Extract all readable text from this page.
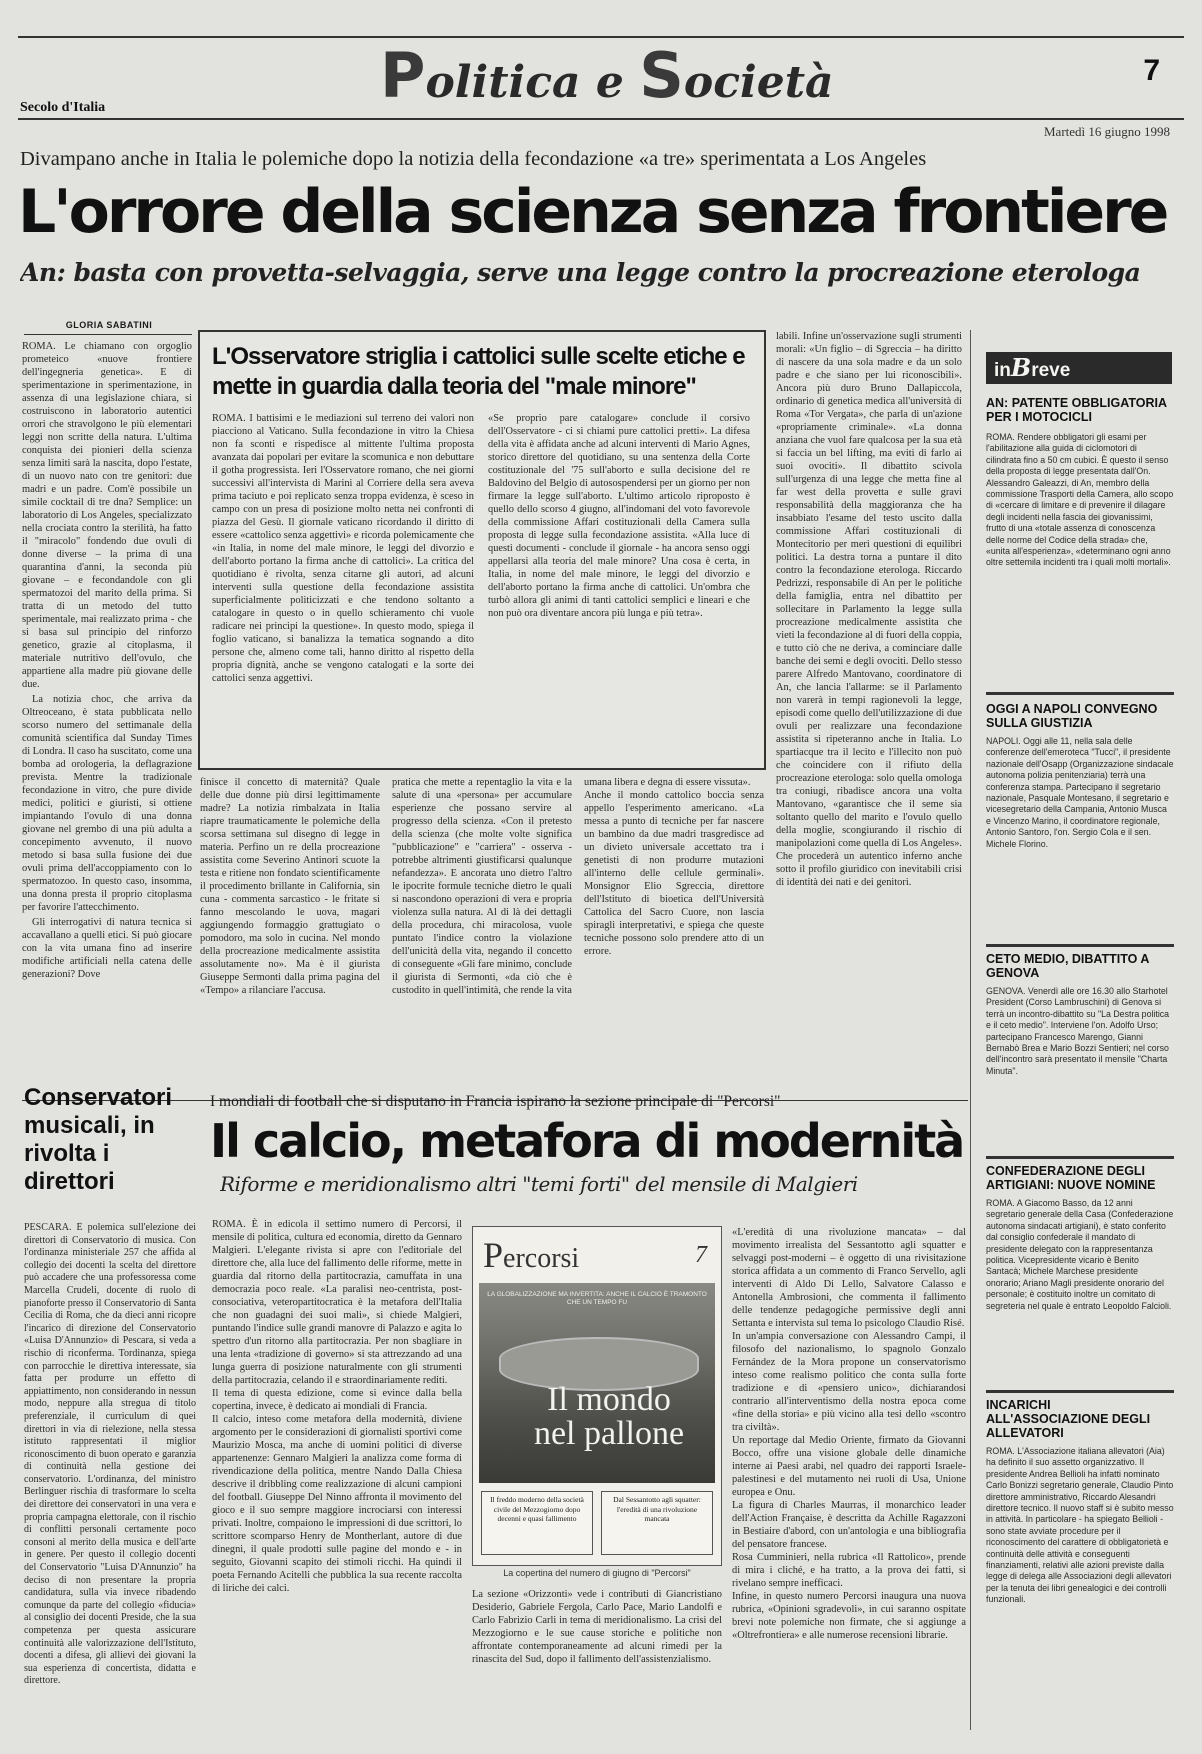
Politica e Società	7
Secolo d'Italia
Martedì 16 giugno 1998
Divampano anche in Italia le polemiche dopo la notizia della fecondazione «a tre» sperimentata a Los Angeles
L'orrore della scienza senza frontiere
An: basta con provetta-selvaggia, serve una legge contro la procreazione eterologa
GLORIA SABATINI

ROMA. Le chiamano con orgoglio prometeico «nuove frontiere dell'ingegneria genetica». E di sperimentazione in sperimentazione, in assenza di una legislazione chiara, si costruiscono in laboratorio autentici orrori che stravolgono le più elementari leggi non scritte della natura. L'ultima conquista dei pionieri della scienza senza limiti sarà la nascita, dopo l'estate, di un nuovo nato con tre genitori: due madri e un padre. Com'è possibile un simile cocktail di tre dna? Semplice: un laboratorio di Los Angeles, specializzato nella crociata contro la sterilità, ha fatto il "miracolo" fondendo due ovuli di donne diverse – la prima di una quarantina d'anni, la seconda più giovane – e fecondandole con gli spermatozoi del marito della prima. Si tratta di un metodo del tutto sperimentale, mai realizzato prima - che si basa sul principio del rinforzo genetico, grazie al citoplasma, il materiale nutritivo dell'ovulo, che appartiene alla madre più giovane delle due.

La notizia choc, che arriva da Oltreoceano, è stata pubblicata nello scorso numero del settimanale della comunità scientifica dal Sunday Times di Londra. Il caso ha suscitato, come una bomba ad orologeria, la deflagrazione prevista. Mentre la tradizionale fecondazione in vitro, che pure divide medici, politici e giuristi, si ottiene impiantando l'ovulo di una donna giovane nel grembo di una più adulta a concepimento avvenuto, il nuovo metodo si basa sulla fusione dei due ovuli prima dell'accoppiamento con lo spermatozoo. In questo caso, insomma, una donna presta il proprio citoplasma per favorire l'attecchimento.

Gli interrogativi di natura tecnica si accavallano a quelli etici. Si può giocare con la vita umana fino ad inserire modifiche artificiali nella catena delle generazioni? Dove

L'Osservatore striglia i cattolici sulle scelte etiche e mette in guardia dalla teoria del "male minore"
ROMA. I battisimi e le mediazioni sul terreno dei valori non piacciono al Vaticano. Sulla fecondazione in vitro la Chiesa non fa sconti e rispedisce al mittente l'ultima proposta avanzata dai popolari per evitare la scomunica e non debuttare il gotha progressista. Ieri l'Osservatore romano, che nei giorni successivi all'intervista di Marini al Corriere della sera aveva prima taciuto e poi replicato senza troppa evidenza, è sceso in campo con un presa di posizione molto netta nei confronti di piazza del Gesù. Il giornale vaticano ricordando il diritto di essere «cattolico senza aggettivi» e ricorda polemicamente che «in Italia, in nome del male minore, le leggi del divorzio e dell'aborto portano la firma anche di cattolici». La critica del quotidiano è rivolta, senza citarne gli autori, ad alcuni interventi sulla questione della fecondazione assistita superficialmente politicizzati e che tendono soltanto a catalogare in questo o in quello schieramento chi vuole radicare nei principi la questione». In questo modo, spiega il foglio vaticano, si banalizza la tematica sognando a dito persone che, almeno come tali, hanno diritto al rispetto della propria dignità, anche se vengono catalogati e la sorte dei cattolici senza aggettivi.
«Se proprio pare catalogare» conclude il corsivo dell'Osservatore - ci si chiami pure cattolici pretti». La difesa della vita è affidata anche ad alcuni interventi di Mario Agnes, storico direttore del quotidiano, su una sentenza della Corte costituzionale del '75 sull'aborto e sulla decisione del re Baldovino del Belgio di autosospendersi per un giorno per non firmare la legge sull'aborto. L'ultimo articolo riproposto è quello dello scorso 4 giugno, all'indomani del voto favorevole della commissione Affari costituzionali della Camera sulla proposta di legge sulla fecondazione assistita. «Alla luce di questi documenti - conclude il giornale - ha ancora senso oggi appellarsi alla teoria del male minore? Una cosa è certa, in Italia, in nome del male minore, le leggi del divorzio e dell'aborto portano la firma anche di cattolici. Un'ombra che turbò allora gli animi di tanti cattolici semplici e lineari e che non può ora diventare ancora più lunga e più tetra».
labili. Infine un'osservazione sugli strumenti morali: «Un figlio – di Sgreccia – ha diritto di nascere da una sola madre e da un solo padre e che siano per lui riconoscibili». Ancora più duro Bruno Dallapiccola, ordinario di genetica medica all'università di Roma «Tor Vergata», che parla di un'azione «propriamente criminale». «La donna anziana che vuol fare qualcosa per la sua età si faccia un bel lifting, ma eviti di farlo ai suoi ovociti». Il dibattito scivola sull'urgenza di una legge che metta fine al far west della provetta e sulle gravi responsabilità della maggioranza che ha insabbiato l'esame del testo uscito dalla commissione Affari costituzionali di Montecitorio per meri questioni di equilibri politici. La destra torna a puntare il dito contro la fecondazione eterologa. Riccardo Pedrizzi, responsabile di An per le politiche della famiglia, entra nel dibattito per sollecitare in Parlamento la legge sulla procreazione medicalmente assistita che vieti la fecondazione al di fuori della coppia, e tutto ciò che ne deriva, a cominciare dalle banche dei semi e degli ovociti. Dello stesso parere Alfredo Mantovano, coordinatore di An, che lancia l'allarme: se il Parlamento non varerà in tempi ragionevoli la legge, episodi come quello dell'utilizzazione di due ovuli per realizzare una fecondazione assistita si ripeteranno anche in Italia. Lo spartiacque tra il lecito e l'illecito non può che coincidere con il rifiuto della procreazione eterologa: solo quella omologa tra coniugi, ribadisce ancora una volta Mantovano, «garantisce che il seme sia soltanto quello del marito e l'ovulo quello della moglie, scongiurando il rischio di manipolazioni come quella di Los Angeles». Che procederà un autentico inferno anche sotto il profilo giuridico con inevitabili crisi di identità dei nati e dei genitori.
finisce il concetto di maternità? Quale delle due donne più dirsi legittimamente madre? La notizia rimbalzata in Italia riapre traumaticamente le polemiche della scorsa settimana sul disegno di legge in materia. Perfino un re della procreazione assistita come Severino Antinori scuote la testa e ritiene non fondato scientificamente il procedimento brillante in California, sin cuna - commenta sarcastico - le fritate si fanno mescolando le uova, magari aggiungendo formaggio grattugiato o pomodoro, ma solo in cucina. Nel mondo della procreazione medicalmente assistita assolutamente no». Ma è il giurista Giuseppe Sermonti dalla prima pagina del «Tempo» a rilanciare l'accusa.
pratica che mette a repentaglio la vita e la salute di una «persona» per accumulare esperienze che possano servire al progresso della scienza. «Con il pretesto della scienza (che molte volte significa "pubblicazione" e "carriera" - osserva - potrebbe altrimenti giustificarsi qualunque nefandezza». E ancorata uno dietro l'altro le ipocrite formule tecniche dietro le quali si nascondono operazioni di vera e propria violenza sulla natura. Al di là dei dettagli della procedura, chi miracolosa, vuole puntato l'indice contro la violazione dell'unicità della vita, negando il concetto di conseguente «Gli fare minimo, conclude il giurista di Sermonti, «da ciò che è custodito in quell'intimità, che rende la vita
umana libera e degna di essere vissuta».
Anche il mondo cattolico boccia senza appello l'esperimento americano. «La messa a punto di tecniche per far nascere un bambino da due madri trasgredisce ad un divieto universale accettato tra i genetisti di non produrre mutazioni all'interno delle cellule germinali». Monsignor Elio Sgreccia, direttore dell'Istituto di bioetica dell'Università Cattolica del Sacro Cuore, non lascia spiragli interpretativi, e spiega che queste tecniche possono solo prendere atto di un errore.
Conservatori musicali, in rivolta i direttori
PESCARA. È polemica sull'elezione dei direttori di Conservatorio di musica. Con l'ordinanza ministeriale 257 che affida al collegio dei docenti la scelta del direttore può accadere che una professoressa come Marcella Crudeli, docente di ruolo di pianoforte presso il Conservatorio di Santa Cecilia di Roma, che da dieci anni ricopre l'incarico di direzione del Conservatorio «Luisa D'Annunzio» di Pescara, si veda a rischio di riconferma. Tordinanza, spiega con parrocchie le direttiva interessate, sia fatta per produrre un effetto di appiattimento, non considerando in nessun modo, neppure alla stregua di titolo preferenziale, il curriculum di quei direttori in via di rielezione, nella stessa istituto rappresentati il miglior riconoscimento di buon operato e garanzia di continuità nella gestione dei conservatorio. L'ordinanza, del ministro Berlinguer rischia di trasformare lo scelta dei direttore dei conservatori in una vera e propria campagna elettorale, con il rischio di conflitti personali certamente poco consoni al merito della musica e dell'arte in genere. Per questo il collegio docenti del Conservatorio "Luisa D'Annunzio" ha deciso di non presentare la propria candidatura, sulla via invece ribadendo comunque da parte del collegio «fiducia» al consiglio dei docenti Preside, che la sua competenza per questa assicurare continuità alle valorizzazione dell'Istituto, docenti a difesa, gli allievi dei giovani la sua esperienza di concertista, didatta e direttore.
I mondiali di football che si disputano in Francia ispirano la sezione principale di "Percorsi"
Il calcio, metafora di modernità
Riforme e meridionalismo altri "temi forti" del mensile di Malgieri
ROMA. È in edicola il settimo numero di Percorsi, il mensile di politica, cultura ed economia, diretto da Gennaro Malgieri. L'elegante rivista si apre con l'editoriale del direttore che, alla luce del fallimento delle riforme, mette in guardia dal ritorno della partitocrazia, camuffata in una democrazia poco reale. «La paralisi neo-centrista, post-consociativa, veteropartitocratica è la metafora dell'Italia che non guadagni dei suoi mali», si chiede Malgieri, puntando l'indice sulle grandi manovre di Palazzo e agita lo spettro d'un ritorno alla partitocrazia. Per non sbagliare in una lenta «tradizione di governo» si sta attrezzando ad una lunga guerra di posizione naturalmente con gli strumenti della partitocrazia, celando il e straordinariamente rediti.
Il tema di questa edizione, come si evince dalla bella copertina, invece, è dedicato ai mondiali di Francia.
Il calcio, inteso come metafora della modernità, diviene argomento per le considerazioni di giornalisti sportivi come Maurizio Mosca, ma anche di uomini politici di diverse appartenenze: Gennaro Malgieri la analizza come forma di rivendicazione della politica, mentre Nando Dalla Chiesa descrive il dribbling come realizzazione di alcuni campioni del football. Giuseppe Del Ninno affronta il movimento del gioco e il suo sempre maggiore incrociarsi con interessi privati. Inoltre, compaiono le impressioni di due scrittori, lo scrittore scomparso Henry de Montherlant, autore di due dinegni, il quale prodotti sulle pagine del mondo e - in seguito, Giovanni scapito dei stimoli ricchi. Ha quindi il poeta Fernando Acitelli che pubblica la sua recente raccolta di liriche dei calci.
Percorsi	7
LA GLOBALIZZAZIONE MA INVERTITA: ANCHE IL CALCIO È TRAMONTO CHE UN TEMPO FU
Il mondo
nel pallone
Il freddo moderno della società civile del Mezzogiorno dopo decenni e quasi fallimento
Dal Sessantotto agli squatter: l'eredità di una rivoluzione mancata
La copertina del numero di giugno di "Percorsi"
La sezione «Orizzonti» vede i contributi di Giancristiano Desiderio, Gabriele Fergola, Carlo Pace, Mario Landolfi e Carlo Fabrizio Carli in tema di meridionalismo. La crisi del Mezzogiorno e le sue cause storiche e politiche non affrontate contemporaneamente ad alcuni rimedi per la rinascita del Sud, dopo il fallimento dell'assistenzialismo.
«L'eredità di una rivoluzione mancata» – dal movimento irrealista del Sessantotto agli squatter e selvaggi post-moderni – è oggetto di una rivisitazione storica affidata a un commento di Franco Servello, agli interventi di Aldo Di Lello, Salvatore Calasso e Antonella Ambrosioni, che commenta il fallimento delle tendenze pedagogiche permissive degli anni Settanta e intervista sul tema lo psicologo Claudio Risé.
In un'ampia conversazione con Alessandro Campi, il filosofo del nazionalismo, lo spagnolo Gonzalo Fernández de la Mora propone un conservatorismo inteso come realismo politico che conta sulla forte tradizione e di «pensiero unico», dichiarandosi contrario all'interventismo della nostra epoca come «fine della storia» e più vicino alla tesi dello «scontro tra civiltà».
Un reportage dal Medio Oriente, firmato da Giovanni Bocco, offre una visione globale delle dinamiche interne ai Paesi arabi, nel quadro dei rapporti Israele-palestinesi e del mutamento nei ruoli di Usa, Unione europea e Onu.
La figura di Charles Maurras, il monarchico leader dell'Action Française, è descritta da Achille Ragazzoni in Bestiaire d'abord, con un'antologia e una bibliografia del pensatore francese.
Rosa Cumminieri, nella rubrica «Il Rattolico», prende di mira i cliché, e ha tratto, a la prova dei fatti, si rivelano sempre inefficaci.
Infine, in questo numero Percorsi inaugura una nuova rubrica, «Opinioni sgradevoli», in cui saranno ospitate brevi note polemiche non firmate, che si aggiunge a «Oltrefrontiera» e alle numerose recensioni librarie.
inBreve
AN: PATENTE OBBLIGATORIA PER I MOTOCICLI
ROMA. Rendere obbligatori gli esami per l'abilitazione alla guida di ciclomotori di cilindrata fino a 50 cm cubici. È questo il senso della proposta di legge presentata dall'On. Alessandro Galeazzi, di An, membro della commissione Trasporti della Camera, allo scopo di «cercare di limitare e di prevenire il dilagare degli incidenti nella fascia dei giovanissimi, frutto di una «totale assenza di conoscenza delle norme del Codice della strada» che, «unita all'esperienza», «determinano ogni anno oltre settemila incidenti tra i quali molti mortali».
OGGI A NAPOLI CONVEGNO SULLA GIUSTIZIA
NAPOLI. Oggi alle 11, nella sala delle conferenze dell'emeroteca "Tucci", il presidente nazionale dell'Osapp (Organizzazione sindacale autonoma polizia penitenziaria) terrà una conferenza stampa. Partecipano il segretario nazionale, Pasquale Montesano, il segretario e vicesegretario della Campania, Antonio Musca e Vincenzo Marino, il coordinatore regionale, Antonio Santoro, l'on. Sergio Cola e il sen. Michele Florino.
CETO MEDIO, DIBATTITO A GENOVA
GENOVA. Venerdì alle ore 16.30 allo Starhotel President (Corso Lambruschini) di Genova si terrà un incontro-dibattito su "La Destra politica e il ceto medio". Interviene l'on. Adolfo Urso; partecipano Francesco Marengo, Gianni Bernabò Brea e Mario Bozzi Sentieri; nel corso dell'incontro sarà presentato il mensile "Charta Minuta".
CONFEDERAZIONE DEGLI ARTIGIANI: NUOVE NOMINE
ROMA. A Giacomo Basso, da 12 anni segretario generale della Casa (Confederazione autonoma sindacati artigiani), è stato conferito dal consiglio confederale il mandato di presidente delegato con la rappresentanza politica. Vicepresidente vicario è Benito Santacà; Michele Marchese presidente onorario; Ariano Magli presidente onorario del personale; è costituito inoltre un comitato di segreteria nel quale è entrato Leopoldo Falcioli.
INCARICHI ALL'ASSOCIAZIONE DEGLI ALLEVATORI
ROMA. L'Associazione italiana allevatori (Aia) ha definito il suo assetto organizzativo. Il presidente Andrea Bellioli ha infatti nominato Carlo Bonizzi segretario generale, Claudio Pinto direttore amministrativo, Riccardo Alesandri direttore tecnico. Il nuovo staff si è subito messo in attività. In particolare - ha spiegato Bellioli - sono state avviate procedure per il riconoscimento del carattere di obbligatorietà e continuità delle attività e conseguenti finanziamenti, relativi alle azioni previste dalla legge di delega alle Associazioni degli allevatori per la tenuta dei libri genealogici e dei controlli funzionali.
